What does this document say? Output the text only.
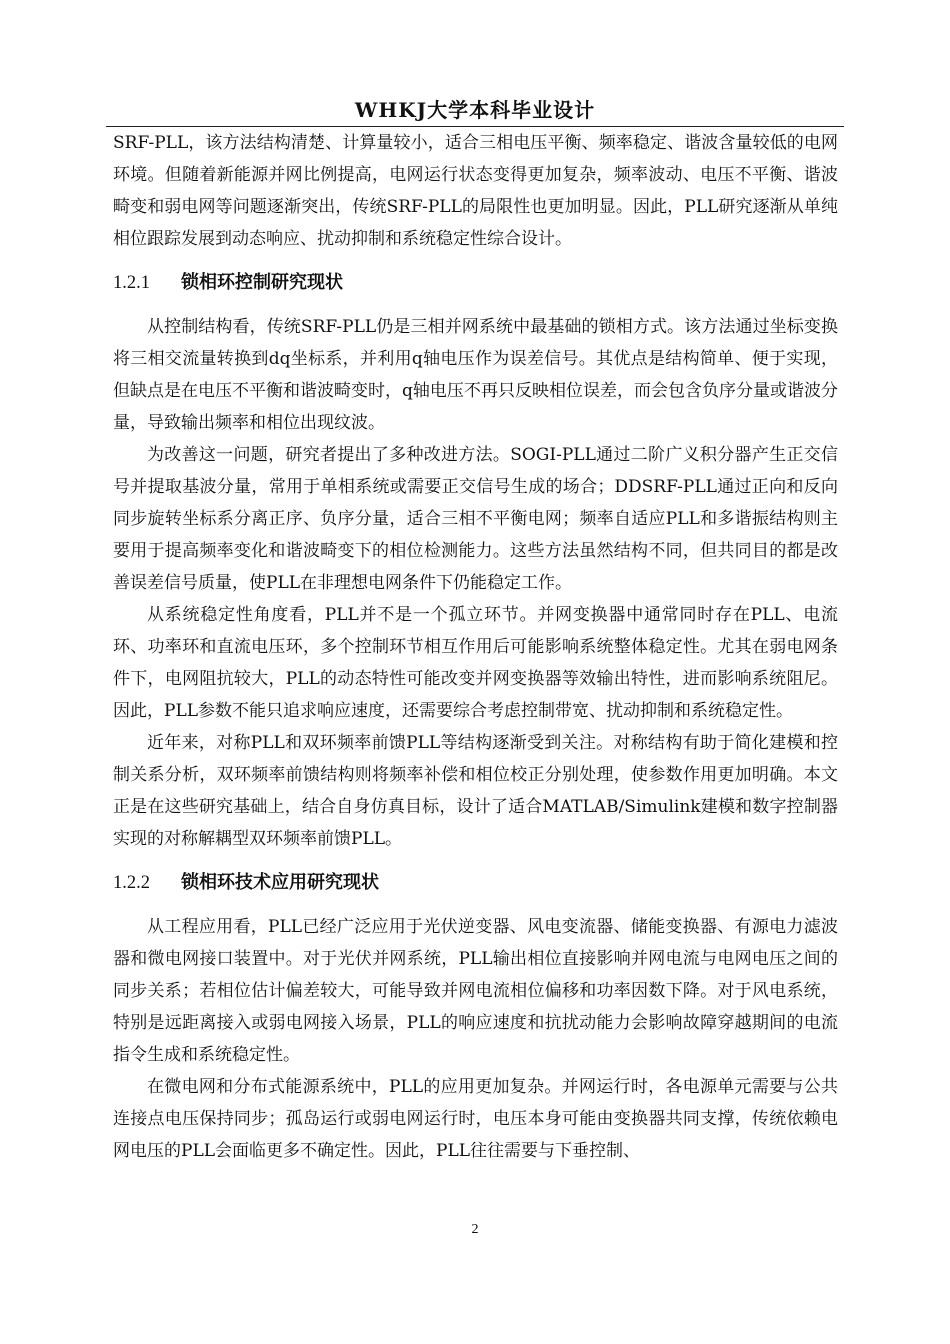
WHKJ大学本科毕业设计

SRF-PLL，该方法结构清楚、计算量较小，适合三相电压平衡、频率稳定、谐波含量较低的电网环境。但随着新能源并网比例提高，电网运行状态变得更加复杂，频率波动、电压不平衡、谐波畸变和弱电网等问题逐渐突出，传统SRF-PLL的局限性也更加明显。因此，PLL研究逐渐从单纯相位跟踪发展到动态响应、扰动抑制和系统稳定性综合设计。

1.2.1 锁相环控制研究现状

从控制结构看，传统SRF-PLL仍是三相并网系统中最基础的锁相方式。该方法通过坐标变换将三相交流量转换到dq坐标系，并利用q轴电压作为误差信号。其优点是结构简单、便于实现，但缺点是在电压不平衡和谐波畸变时，q轴电压不再只反映相位误差，而会包含负序分量或谐波分量，导致输出频率和相位出现纹波。

为改善这一问题，研究者提出了多种改进方法。SOGI-PLL通过二阶广义积分器产生正交信号并提取基波分量，常用于单相系统或需要正交信号生成的场合；DDSRF-PLL通过正向和反向同步旋转坐标系分离正序、负序分量，适合三相不平衡电网；频率自适应PLL和多谐振结构则主要用于提高频率变化和谐波畸变下的相位检测能力。这些方法虽然结构不同，但共同目的都是改善误差信号质量，使PLL在非理想电网条件下仍能稳定工作。

从系统稳定性角度看，PLL并不是一个孤立环节。并网变换器中通常同时存在PLL、电流环、功率环和直流电压环，多个控制环节相互作用后可能影响系统整体稳定性。尤其在弱电网条件下，电网阻抗较大，PLL的动态特性可能改变并网变换器等效输出特性，进而影响系统阻尼。因此，PLL参数不能只追求响应速度，还需要综合考虑控制带宽、扰动抑制和系统稳定性。

近年来，对称PLL和双环频率前馈PLL等结构逐渐受到关注。对称结构有助于简化建模和控制关系分析，双环频率前馈结构则将频率补偿和相位校正分别处理，使参数作用更加明确。本文正是在这些研究基础上，结合自身仿真目标，设计了适合MATLAB/Simulink建模和数字控制器实现的对称解耦型双环频率前馈PLL。

1.2.2 锁相环技术应用研究现状

从工程应用看，PLL已经广泛应用于光伏逆变器、风电变流器、储能变换器、有源电力滤波器和微电网接口装置中。对于光伏并网系统，PLL输出相位直接影响并网电流与电网电压之间的同步关系；若相位估计偏差较大，可能导致并网电流相位偏移和功率因数下降。对于风电系统，特别是远距离接入或弱电网接入场景，PLL的响应速度和抗扰动能力会影响故障穿越期间的电流指令生成和系统稳定性。

在微电网和分布式能源系统中，PLL的应用更加复杂。并网运行时，各电源单元需要与公共连接点电压保持同步；孤岛运行或弱电网运行时，电压本身可能由变换器共同支撑，传统依赖电网电压的PLL会面临更多不确定性。因此，PLL往往需要与下垂控制、

2
